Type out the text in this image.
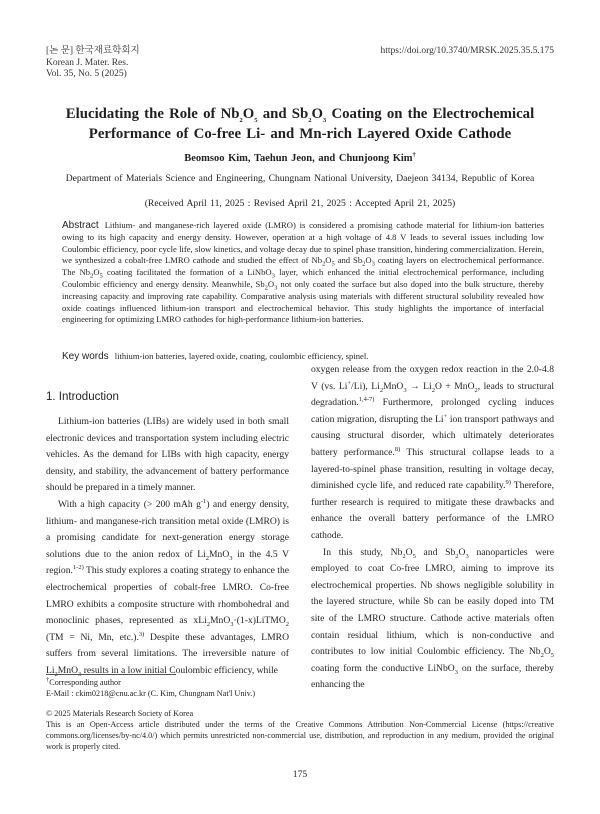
[논 문] 한국재료학회지
Korean J. Mater. Res.
Vol. 35, No. 5 (2025)
https://doi.org/10.3740/MRSK.2025.35.5.175
Elucidating the Role of $Nb_2O_5$ and $Sb_2O_3$ Coating on the Electrochemical
Performance of Co-free Li- and Mn-rich Layered Oxide Cathode
Beomsoo Kim, Taehun Jeon, and Chunjoong Kim†
Department of Materials Science and Engineering, Chungnam National University, Daejeon 34134, Republic of Korea
(Received April 11, 2025 : Revised April 21, 2025 : Accepted April 21, 2025)
Abstract Lithium- and manganese-rich layered oxide (LMRO) is considered a promising cathode material for lithium-ion batteries owing to its high capacity and energy density. However, operation at a high voltage of 4.8 V leads to several issues including low Coulombic efficiency, poor cycle life, slow kinetics, and voltage decay due to spinel phase transition, hindering commercialization. Herein, we synthesized a cobalt-free LMRO cathode and studied the effect of $Nb_2O_5$ and $Sb_2O_3$ coating layers on electrochemical performance. The $Nb_2O_5$ coating facilitated the formation of a LiNbO$_3$ layer, which enhanced the initial electrochemical performance, including Coulombic efficiency and energy density. Meanwhile, $Sb_2O_3$ not only coated the surface but also doped into the bulk structure, thereby increasing capacity and improving rate capability. Comparative analysis using materials with different structural solubility revealed how oxide coatings influenced lithium-ion transport and electrochemical behavior. This study highlights the importance of interfacial engineering for optimizing LMRO cathodes for high-performance lithium-ion batteries.
Key words lithium-ion batteries, layered oxide, coating, coulombic efficiency, spinel.
1. Introduction

Lithium-ion batteries (LIBs) are widely used in both small electronic devices and transportation system including electric vehicles. As the demand for LIBs with high capacity, energy density, and stability, the advancement of battery performance should be prepared in a timely manner.

With a high capacity (> 200 mAh $g^{-1}$) and energy density, lithium- and manganese-rich transition metal oxide (LMRO) is a promising candidate for next-generation energy storage solutions due to the anion redox of $Li_2MnO_3$ in the 4.5 V region.$^{1-2)}$ This study explores a coating strategy to enhance the electrochemical properties of cobalt-free LMRO. Co-free LMRO exhibits a composite structure with rhombohedral and monoclinic phases, represented as xLi$_2$MnO$_3$·(1-x)LiTMO$_2$ (TM = Ni, Mn, etc.).$^{3)}$ Despite these advantages, LMRO suffers from several limitations. The irreversible nature of $Li_2MnO_3$ results in a low initial Coulombic efficiency, while

oxygen release from the oxygen redox reaction in the 2.0-4.8 V (vs. Li+/Li), $Li_2MnO_3 \to Li_2O + MnO_2$, leads to structural degradation.$^{1,4-7)}$ Furthermore, prolonged cycling induces cation migration, disrupting the Li+ ion transport pathways and causing structural disorder, which ultimately deteriorates battery performance.$^{8)}$ This structural collapse leads to a layered-to-spinel phase transition, resulting in voltage decay, diminished cycle life, and reduced rate capability.$^{9)}$ Therefore, further research is required to mitigate these drawbacks and enhance the overall battery performance of the LMRO cathode.

In this study, $Nb_2O_5$ and $Sb_2O_3$ nanoparticles were employed to coat Co-free LMRO, aiming to improve its electrochemical properties. Nb shows negligible solubility in the layered structure, while Sb can be easily doped into TM site of the LMRO structure. Cathode active materials often contain residual lithium, which is non-conductive and contributes to low initial Coulombic efficiency. The $Nb_2O_5$ coating form the conductive LiNbO$_3$ on the surface, thereby enhancing the

†Corresponding author
E-Mail : ckim0218@cnu.ac.kr (C. Kim, Chungnam Nat'l Univ.)
© 2025 Materials Research Society of Korea
This is an Open-Access article distributed under the terms of the Creative Commons Attribution Non-Commercial License (https://creative commons.org/licenses/by-nc/4.0/) which permits unrestricted non-commercial use, distribution, and reproduction in any medium, provided the original work is properly cited.
175
